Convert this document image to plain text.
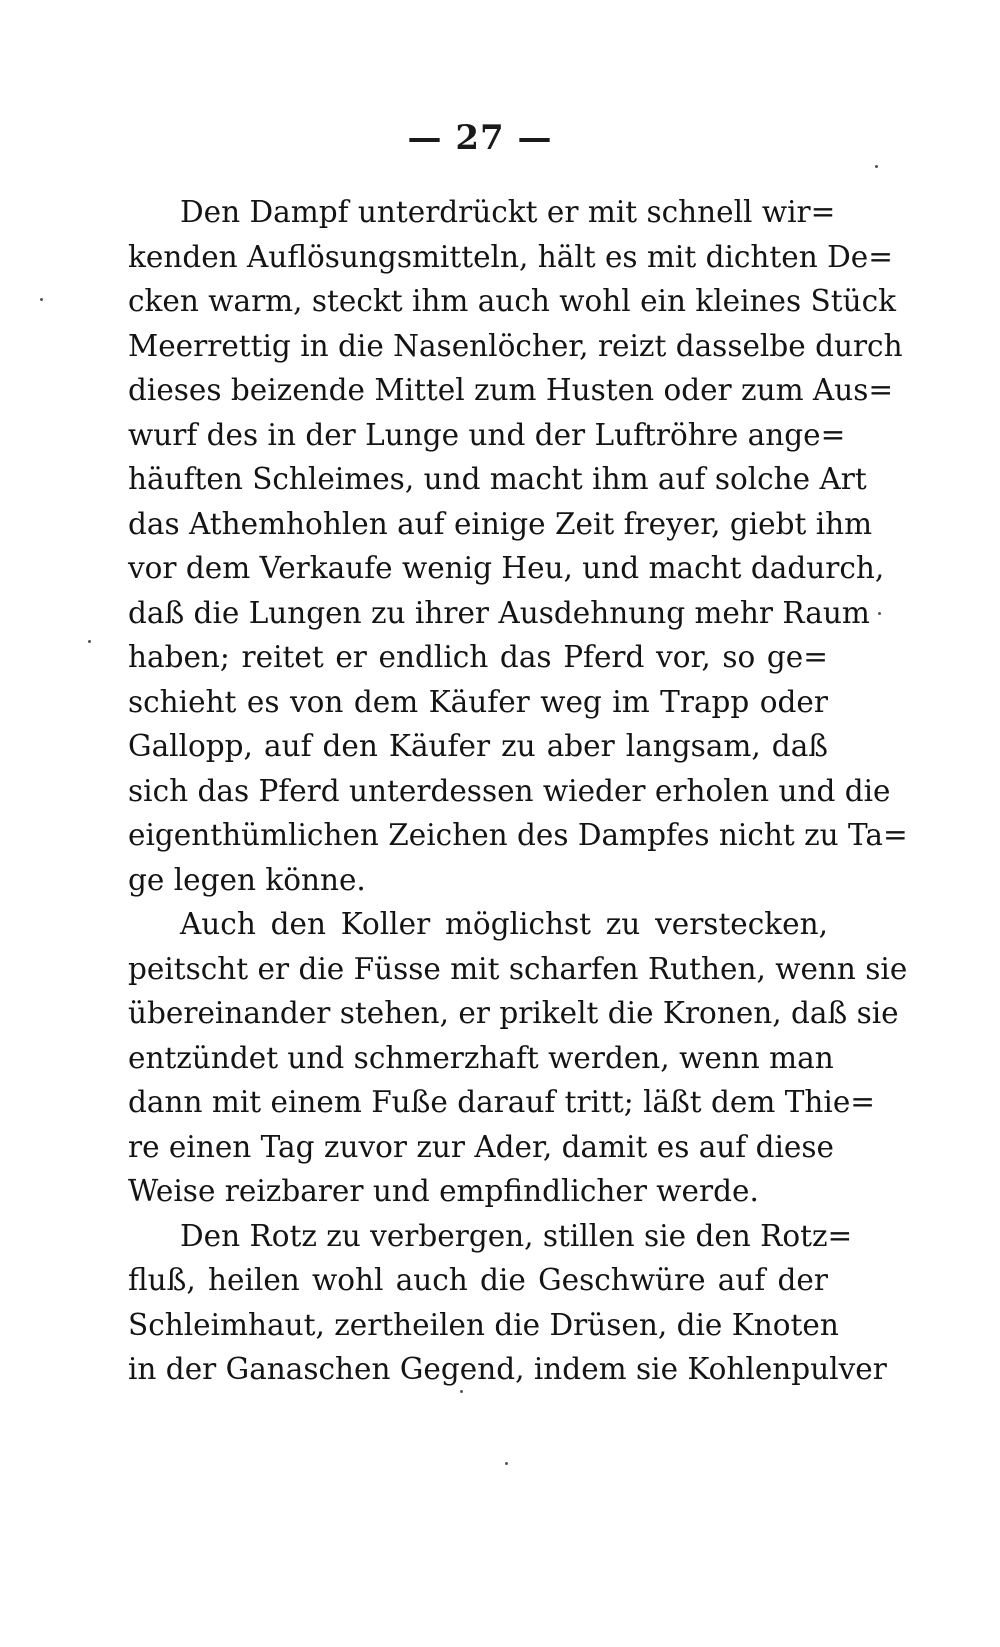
— 27 —
Den Dampf unterdrückt er mit schnell wir=
kenden Auflösungsmitteln, hält es mit dichten De=
cken warm, steckt ihm auch wohl ein kleines Stück
Meerrettig in die Nasenlöcher, reizt dasselbe durch
dieses beizende Mittel zum Husten oder zum Aus=
wurf des in der Lunge und der Luftröhre ange=
häuften Schleimes, und macht ihm auf solche Art
das Athemhohlen auf einige Zeit freyer, giebt ihm
vor dem Verkaufe wenig Heu, und macht dadurch,
daß die Lungen zu ihrer Ausdehnung mehr Raum
haben; reitet er endlich das Pferd vor, so ge=
schieht es von dem Käufer weg im Trapp oder
Gallopp, auf den Käufer zu aber langsam, daß
sich das Pferd unterdessen wieder erholen und die
eigenthümlichen Zeichen des Dampfes nicht zu Ta=
ge legen könne.
Auch den Koller möglichst zu verstecken,
peitscht er die Füsse mit scharfen Ruthen, wenn sie
übereinander stehen, er prikelt die Kronen, daß sie
entzündet und schmerzhaft werden, wenn man
dann mit einem Fuße darauf tritt; läßt dem Thie=
re einen Tag zuvor zur Ader, damit es auf diese
Weise reizbarer und empfindlicher werde.
Den Rotz zu verbergen, stillen sie den Rotz=
fluß, heilen wohl auch die Geschwüre auf der
Schleimhaut, zertheilen die Drüsen, die Knoten
in der Ganaschen Gegend, indem sie Kohlenpulver
